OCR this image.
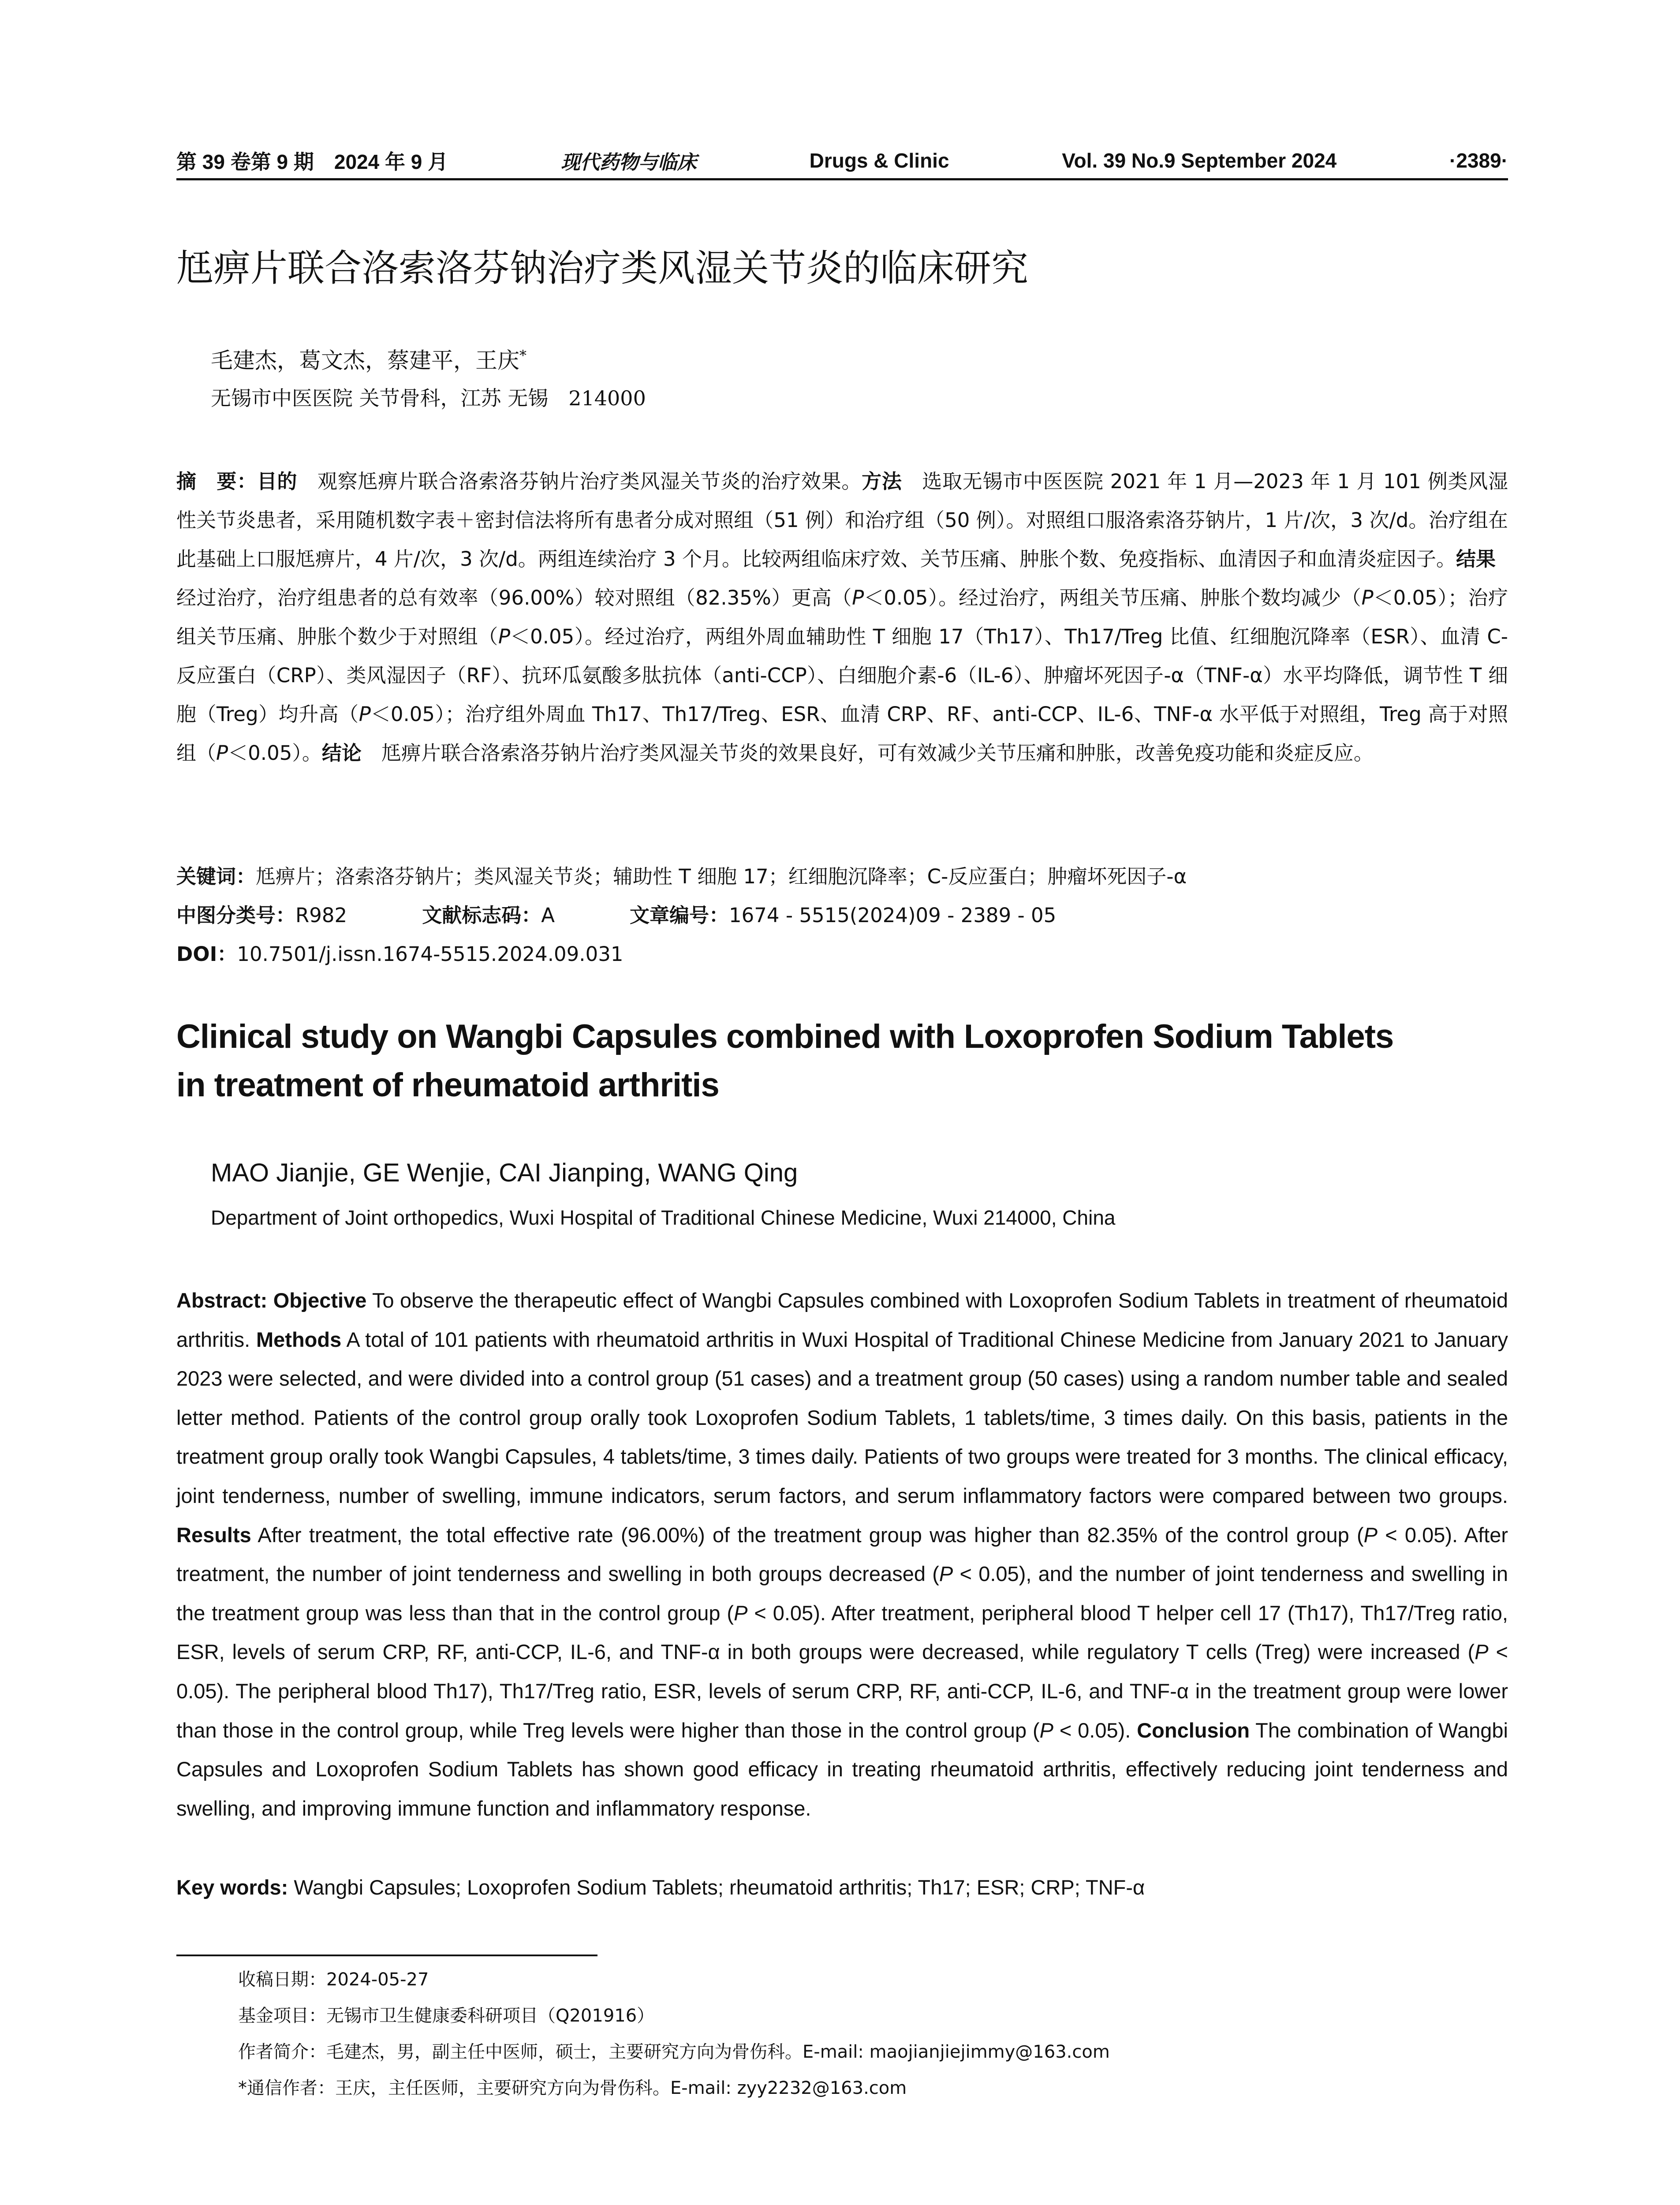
第 39 卷第 9 期　2024 年 9 月	现代药物与临床	Drugs & Clinic	Vol. 39 No.9 September 2024	·2389·
尪痹片联合洛索洛芬钠治疗类风湿关节炎的临床研究
毛建杰，葛文杰，蔡建平，王庆*
无锡市中医医院 关节骨科，江苏 无锡　214000
摘　要：目的　观察尪痹片联合洛索洛芬钠片治疗类风湿关节炎的治疗效果。方法　选取无锡市中医医院 2021 年 1 月—2023 年 1 月 101 例类风湿性关节炎患者，采用随机数字表＋密封信法将所有患者分成对照组（51 例）和治疗组（50 例）。对照组口服洛索洛芬钠片，1 片/次，3 次/d。治疗组在此基础上口服尪痹片，4 片/次，3 次/d。两组连续治疗 3 个月。比较两组临床疗效、关节压痛、肿胀个数、免疫指标、血清因子和血清炎症因子。结果　经过治疗，治疗组患者的总有效率（96.00%）较对照组（82.35%）更高（P＜0.05）。经过治疗，两组关节压痛、肿胀个数均减少（P＜0.05）；治疗组关节压痛、肿胀个数少于对照组（P＜0.05）。经过治疗，两组外周血辅助性 T 细胞 17（Th17）、Th17/Treg 比值、红细胞沉降率（ESR）、血清 C-反应蛋白（CRP）、类风湿因子（RF）、抗环瓜氨酸多肽抗体（anti-CCP）、白细胞介素-6（IL-6）、肿瘤坏死因子-α（TNF-α）水平均降低，调节性 T 细胞（Treg）均升高（P＜0.05）；治疗组外周血 Th17、Th17/Treg、ESR、血清 CRP、RF、anti-CCP、IL-6、TNF-α 水平低于对照组，Treg 高于对照组（P＜0.05）。结论　尪痹片联合洛索洛芬钠片治疗类风湿关节炎的效果良好，可有效减少关节压痛和肿胀，改善免疫功能和炎症反应。
关键词：尪痹片；洛索洛芬钠片；类风湿关节炎；辅助性 T 细胞 17；红细胞沉降率；C-反应蛋白；肿瘤坏死因子-α
中图分类号：R982	文献标志码：A	文章编号：1674 - 5515(2024)09 - 2389 - 05
DOI：10.7501/j.issn.1674-5515.2024.09.031
Clinical study on Wangbi Capsules combined with Loxoprofen Sodium Tablets
in treatment of rheumatoid arthritis
MAO Jianjie, GE Wenjie, CAI Jianping, WANG Qing
Department of Joint orthopedics, Wuxi Hospital of Traditional Chinese Medicine, Wuxi 214000, China
Abstract: Objective To observe the therapeutic effect of Wangbi Capsules combined with Loxoprofen Sodium Tablets in treatment of rheumatoid arthritis. Methods A total of 101 patients with rheumatoid arthritis in Wuxi Hospital of Traditional Chinese Medicine from January 2021 to January 2023 were selected, and were divided into a control group (51 cases) and a treatment group (50 cases) using a random number table and sealed letter method. Patients of the control group orally took Loxoprofen Sodium Tablets, 1 tablets/time, 3 times daily. On this basis, patients in the treatment group orally took Wangbi Capsules, 4 tablets/time, 3 times daily. Patients of two groups were treated for 3 months. The clinical efficacy, joint tenderness, number of swelling, immune indicators, serum factors, and serum inflammatory factors were compared between two groups. Results After treatment, the total effective rate (96.00%) of the treatment group was higher than 82.35% of the control group (P < 0.05). After treatment, the number of joint tenderness and swelling in both groups decreased (P < 0.05), and the number of joint tenderness and swelling in the treatment group was less than that in the control group (P < 0.05). After treatment, peripheral blood T helper cell 17 (Th17), Th17/Treg ratio, ESR, levels of serum CRP, RF, anti-CCP, IL-6, and TNF-α in both groups were decreased, while regulatory T cells (Treg) were increased (P < 0.05). The peripheral blood Th17), Th17/Treg ratio, ESR, levels of serum CRP, RF, anti-CCP, IL-6, and TNF-α in the treatment group were lower than those in the control group, while Treg levels were higher than those in the control group (P < 0.05). Conclusion The combination of Wangbi Capsules and Loxoprofen Sodium Tablets has shown good efficacy in treating rheumatoid arthritis, effectively reducing joint tenderness and swelling, and improving immune function and inflammatory response.
Key words: Wangbi Capsules; Loxoprofen Sodium Tablets; rheumatoid arthritis; Th17; ESR; CRP; TNF-α
收稿日期：2024-05-27
基金项目：无锡市卫生健康委科研项目（Q201916）
作者简介：毛建杰，男，副主任中医师，硕士，主要研究方向为骨伤科。E-mail: maojianjiejimmy@163.com
*通信作者：王庆，主任医师，主要研究方向为骨伤科。E-mail: zyy2232@163.com
